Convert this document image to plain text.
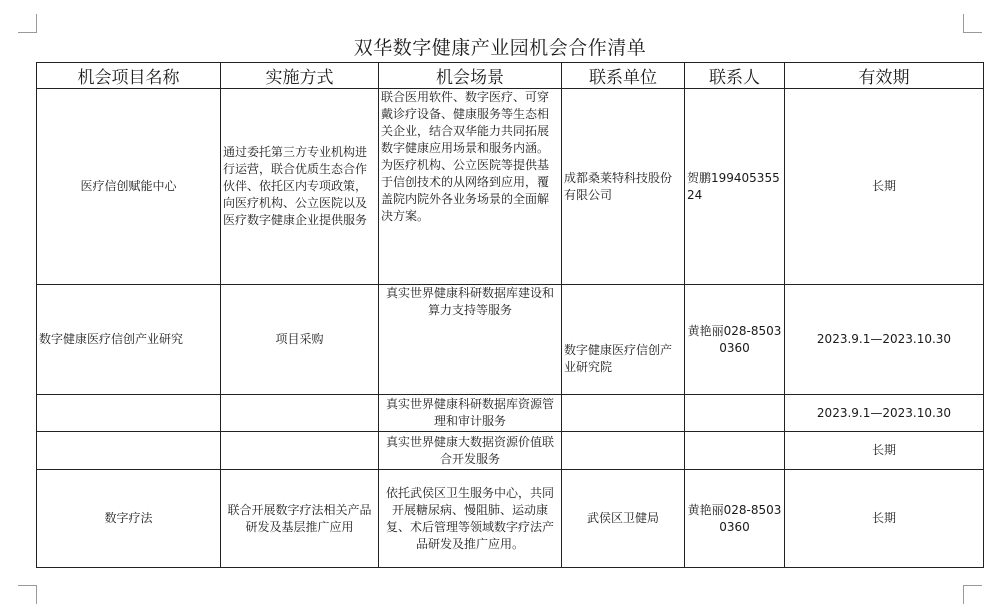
双华数字健康产业园机会合作清单
机会项目名称	实施方式	机会场景	联系单位	联系人	有效期
医疗信创赋能中心	通过委托第三方专业机构进行运营，联合优质生态合作伙伴、依托区内专项政策，向医疗机构、公立医院以及医疗数字健康企业提供服务	联合医用软件、数字医疗、可穿戴诊疗设备、健康服务等生态相关企业，结合双华能力共同拓展数字健康应用场景和服务内涵。为医疗机构、公立医院等提供基于信创技术的从网络到应用，覆盖院内院外各业务场景的全面解决方案。	成都桑莱特科技股份有限公司	贺鹏19940535524	长期
数字健康医疗信创产业研究	项目采购	真实世界健康科研数据库建设和算力支持等服务	数字健康医疗信创产业研究院	黄艳丽028-85030360	2023.9.1—2023.10.30
		真实世界健康科研数据库资源管理和审计服务			2023.9.1—2023.10.30
		真实世界健康大数据资源价值联合开发服务			长期
数字疗法	联合开展数字疗法相关产品研发及基层推广应用	依托武侯区卫生服务中心，共同开展糖尿病、慢阻肺、运动康复、术后管理等领域数字疗法产品研发及推广应用。	武侯区卫健局	黄艳丽028-85030360	长期
